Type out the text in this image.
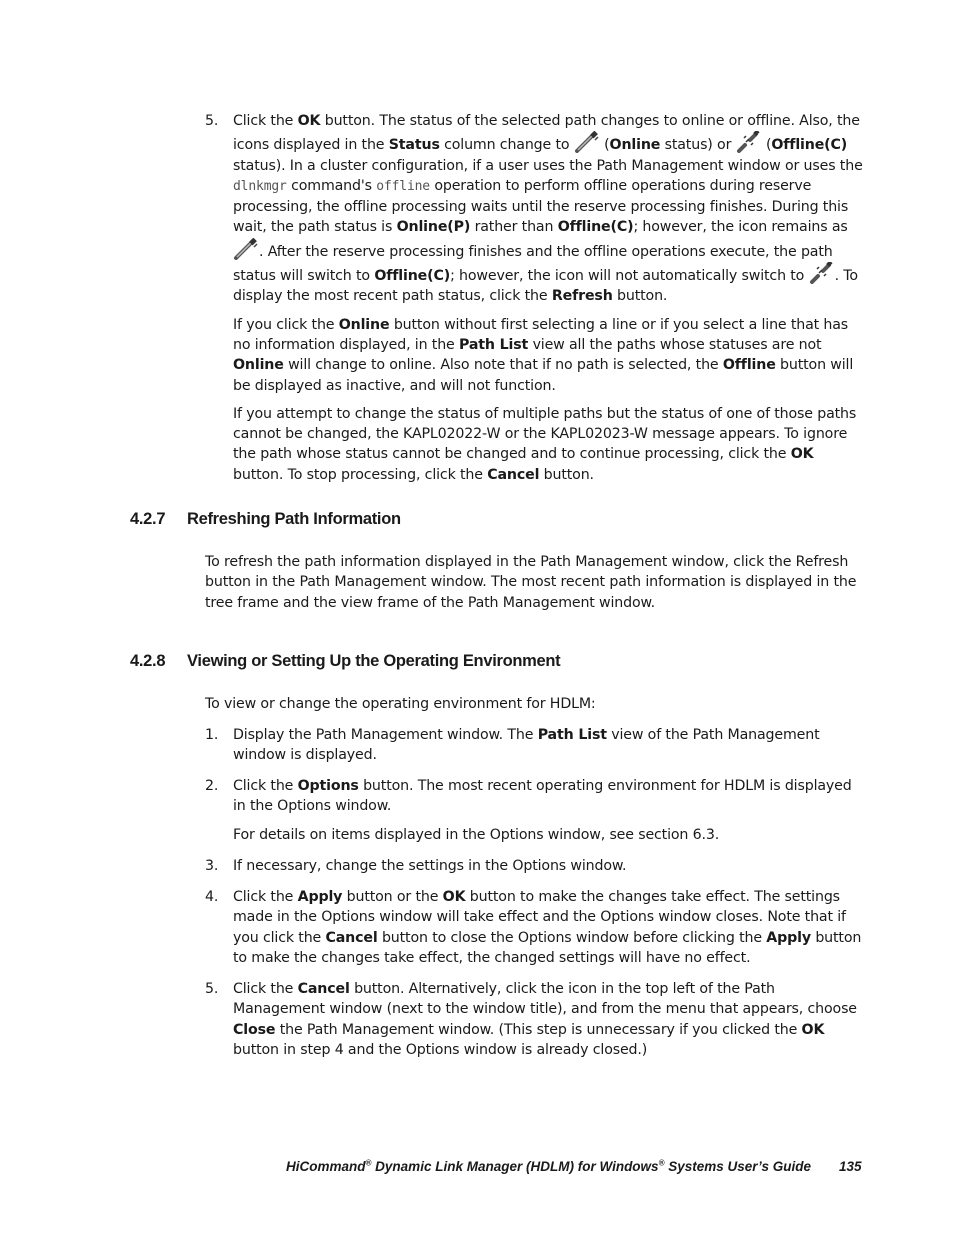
5. Click the OK button. The status of the selected path changes to online or offline. Also, the icons displayed in the Status column change to  (Online status) or  (Offline(C) status). In a cluster configuration, if a user uses the Path Management window or uses the dlnkmgr command's offline operation to perform offline operations during reserve processing, the offline processing waits until the reserve processing finishes. During this wait, the path status is Online(P) rather than Offline(C); however, the icon remains as . After the reserve processing finishes and the offline operations execute, the path status will switch to Offline(C); however, the icon will not automatically switch to . To display the most recent path status, click the Refresh button.

If you click the Online button without first selecting a line or if you select a line that has no information displayed, in the Path List view all the paths whose statuses are not Online will change to online. Also note that if no path is selected, the Offline button will be displayed as inactive, and will not function.

If you attempt to change the status of multiple paths but the status of one of those paths cannot be changed, the KAPL02022-W or the KAPL02023-W message appears. To ignore the path whose status cannot be changed and to continue processing, click the OK button. To stop processing, click the Cancel button.

4.2.7 Refreshing Path Information

To refresh the path information displayed in the Path Management window, click the Refresh button in the Path Management window. The most recent path information is displayed in the tree frame and the view frame of the Path Management window.

4.2.8 Viewing or Setting Up the Operating Environment

To view or change the operating environment for HDLM:

1. Display the Path Management window. The Path List view of the Path Management window is displayed.

2. Click the Options button. The most recent operating environment for HDLM is displayed in the Options window.

For details on items displayed in the Options window, see section 6.3.

3. If necessary, change the settings in the Options window.

4. Click the Apply button or the OK button to make the changes take effect. The settings made in the Options window will take effect and the Options window closes. Note that if you click the Cancel button to close the Options window before clicking the Apply button to make the changes take effect, the changed settings will have no effect.

5. Click the Cancel button. Alternatively, click the icon in the top left of the Path Management window (next to the window title), and from the menu that appears, choose Close the Path Management window. (This step is unnecessary if you clicked the OK button in step 4 and the Options window is already closed.)

HiCommand® Dynamic Link Manager (HDLM) for Windows® Systems User’s Guide 135
